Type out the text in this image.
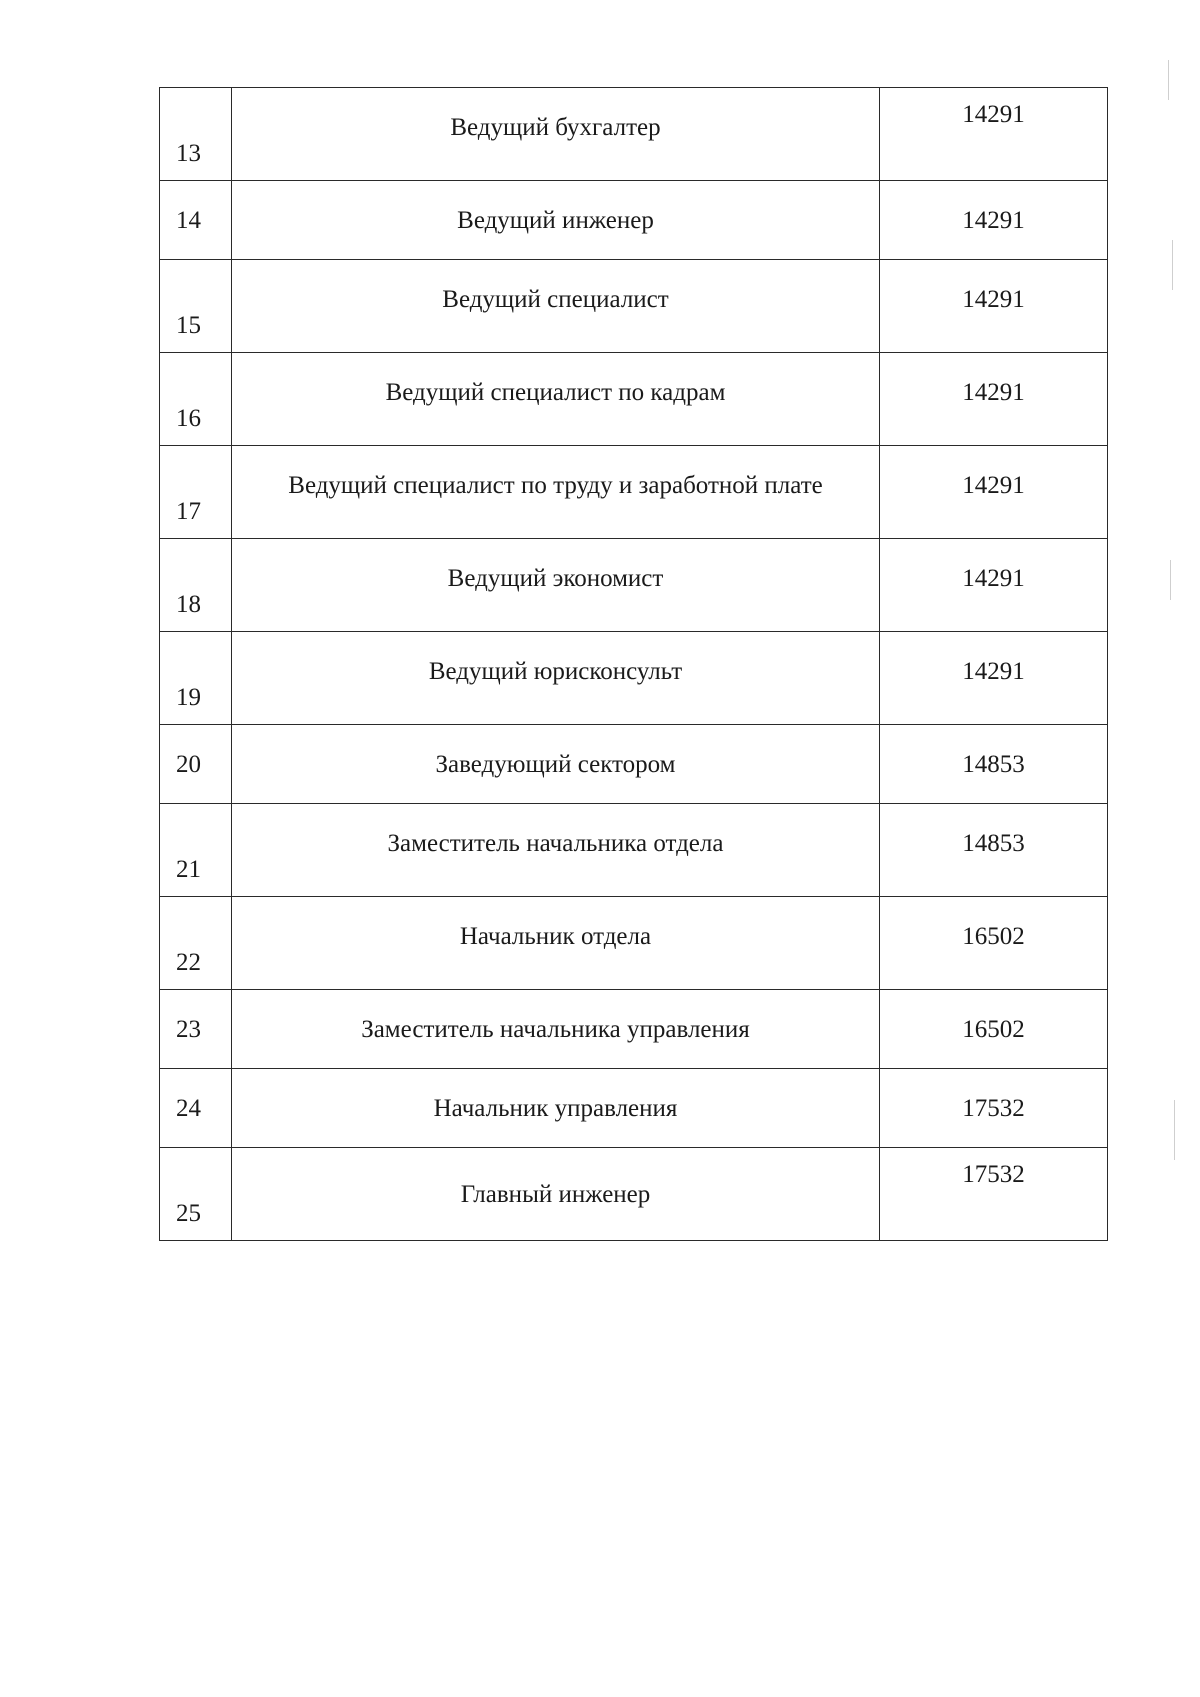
13	Ведущий бухгалтер	14291
14	Ведущий инженер	14291
15	Ведущий специалист	14291
16	Ведущий специалист по кадрам	14291
17	Ведущий специалист по труду и заработной плате	14291
18	Ведущий экономист	14291
19	Ведущий юрисконсульт	14291
20	Заведующий сектором	14853
21	Заместитель начальника отдела	14853
22	Начальник отдела	16502
23	Заместитель начальника управления	16502
24	Начальник управления	17532
25	Главный инженер	17532
